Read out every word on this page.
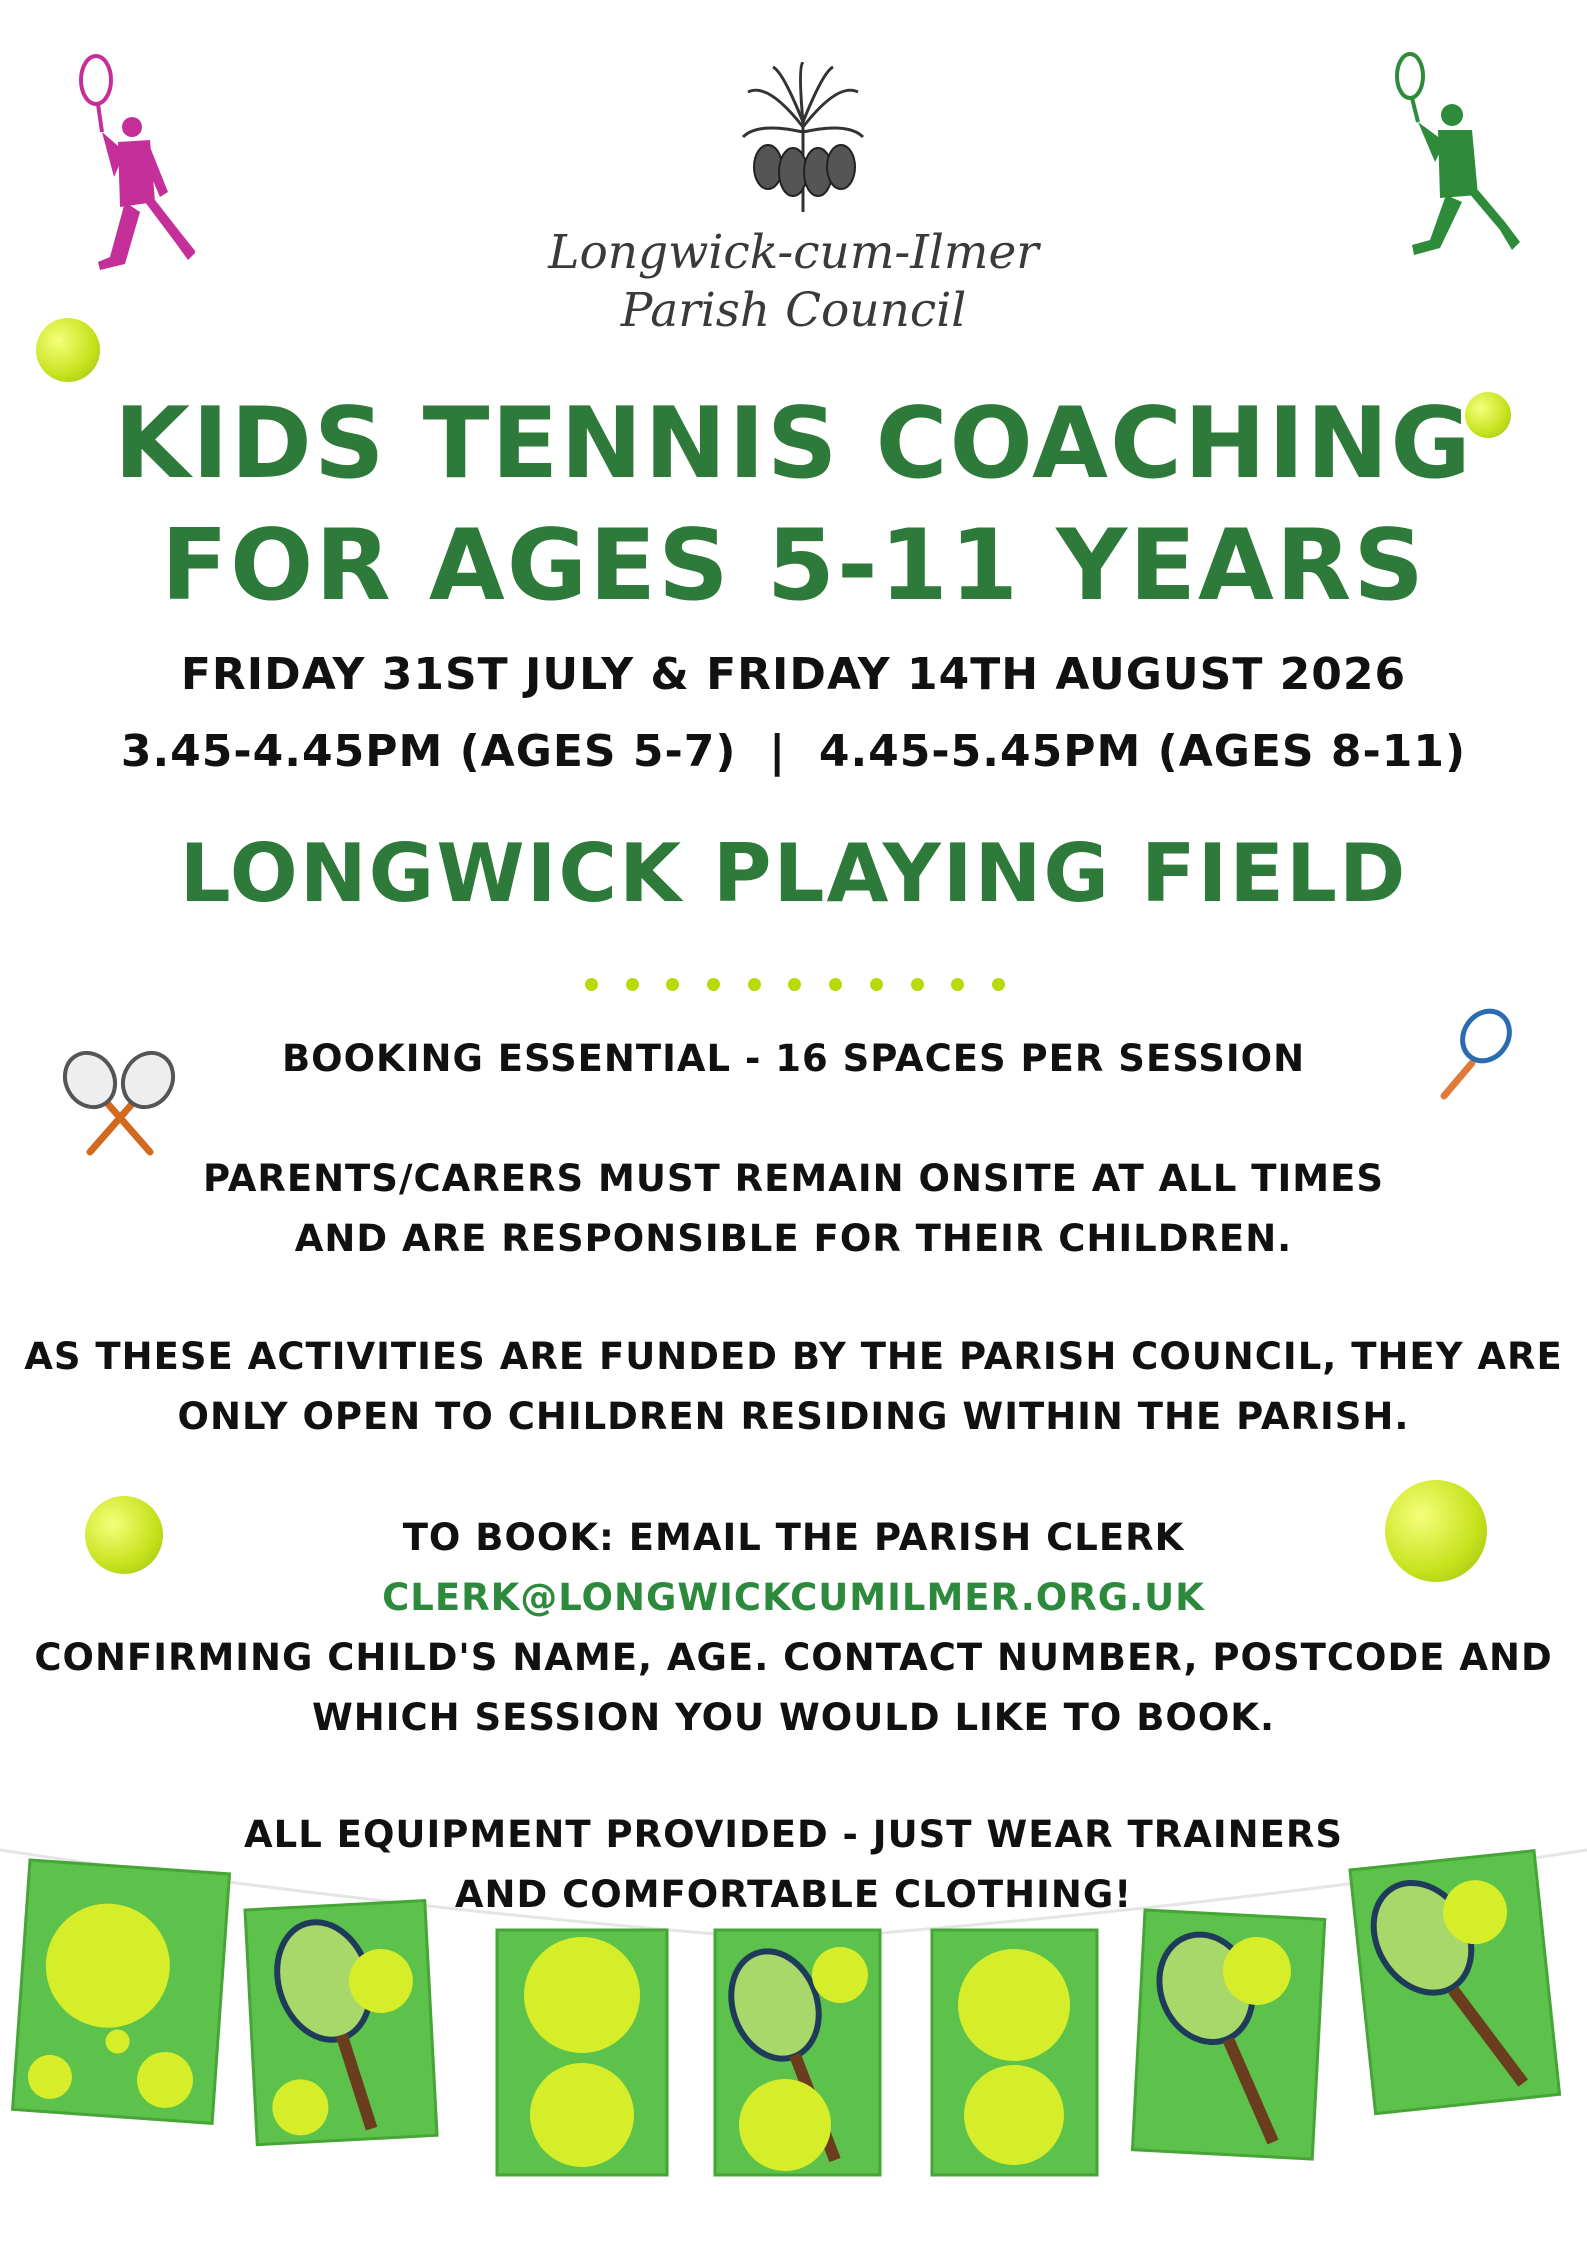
Longwick-cum-Ilmer
Parish Council
KIDS TENNIS COACHING
FOR AGES 5-11 YEARS
FRIDAY 31ST JULY & FRIDAY 14TH AUGUST 2026
3.45-4.45PM (AGES 5-7)  |  4.45-5.45PM (AGES 8-11)
LONGWICK PLAYING FIELD
BOOKING ESSENTIAL - 16 SPACES PER SESSION
PARENTS/CARERS MUST REMAIN ONSITE AT ALL TIMES
AND ARE RESPONSIBLE FOR THEIR CHILDREN.
AS THESE ACTIVITIES ARE FUNDED BY THE PARISH COUNCIL, THEY ARE
ONLY OPEN TO CHILDREN RESIDING WITHIN THE PARISH.
TO BOOK: EMAIL THE PARISH CLERK
CLERK@LONGWICKCUMILMER.ORG.UK
CONFIRMING CHILD'S NAME, AGE. CONTACT NUMBER, POSTCODE AND
WHICH SESSION YOU WOULD LIKE TO BOOK.
ALL EQUIPMENT PROVIDED - JUST WEAR TRAINERS
AND COMFORTABLE CLOTHING!
